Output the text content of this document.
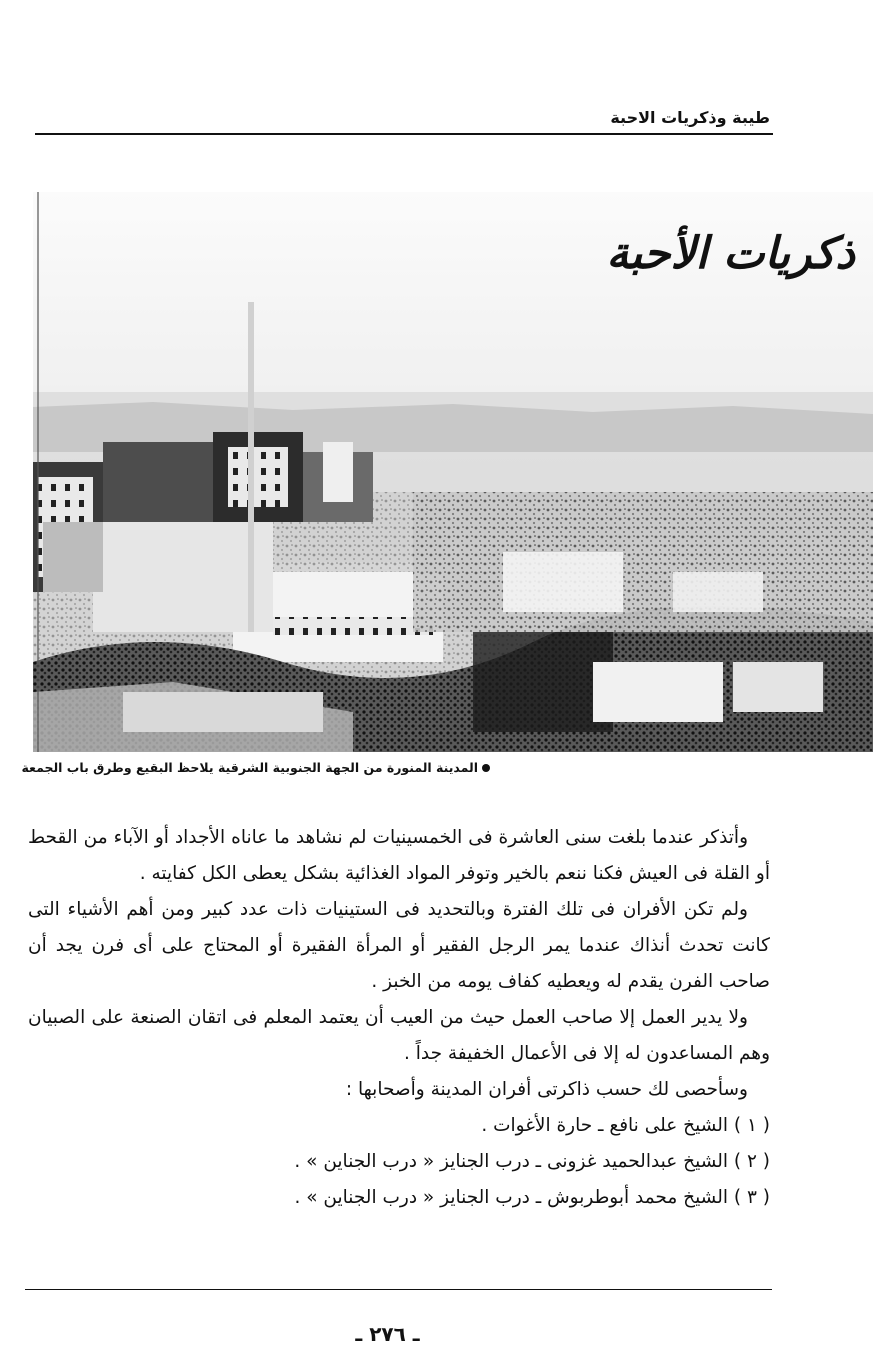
طيبة وذكريات الاحبة
ذكريات الأحبة
المدينة المنورة من الجهة الجنوبية الشرقية يلاحظ البقيع وطرق باب الجمعة

وأتذكر عندما بلغت سنى العاشرة فى الخمسينيات لم نشاهد ما عاناه الأجداد أو الآباء من القحط أو القلة فى العيش فكنا ننعم بالخير وتوفر المواد الغذائية بشكل يعطى الكل كفايته .

ولم تكن الأفران فى تلك الفترة وبالتحديد فى الستينيات ذات عدد كبير ومن أهم الأشياء التى كانت تحدث أنذاك عندما يمر الرجل الفقير أو المرأة الفقيرة أو المحتاج على أى فرن يجد أن صاحب الفرن يقدم له ويعطيه كفاف يومه من الخبز .

ولا يدير العمل إلا صاحب العمل حيث من العيب أن يعتمد المعلم فى اتقان الصنعة على الصبيان وهم المساعدون له إلا فى الأعمال الخفيفة جداً .

وسأحصى لك حسب ذاكرتى أفران المدينة وأصحابها :

( ١ ) الشيخ على نافع ـ حارة الأغوات .

( ٢ ) الشيخ عبدالحميد غزونى ـ درب الجنايز « درب الجناين » .

( ٣ ) الشيخ محمد أبوطربوش ـ درب الجنايز « درب الجناين » .

ـ ٢٧٦ ـ
